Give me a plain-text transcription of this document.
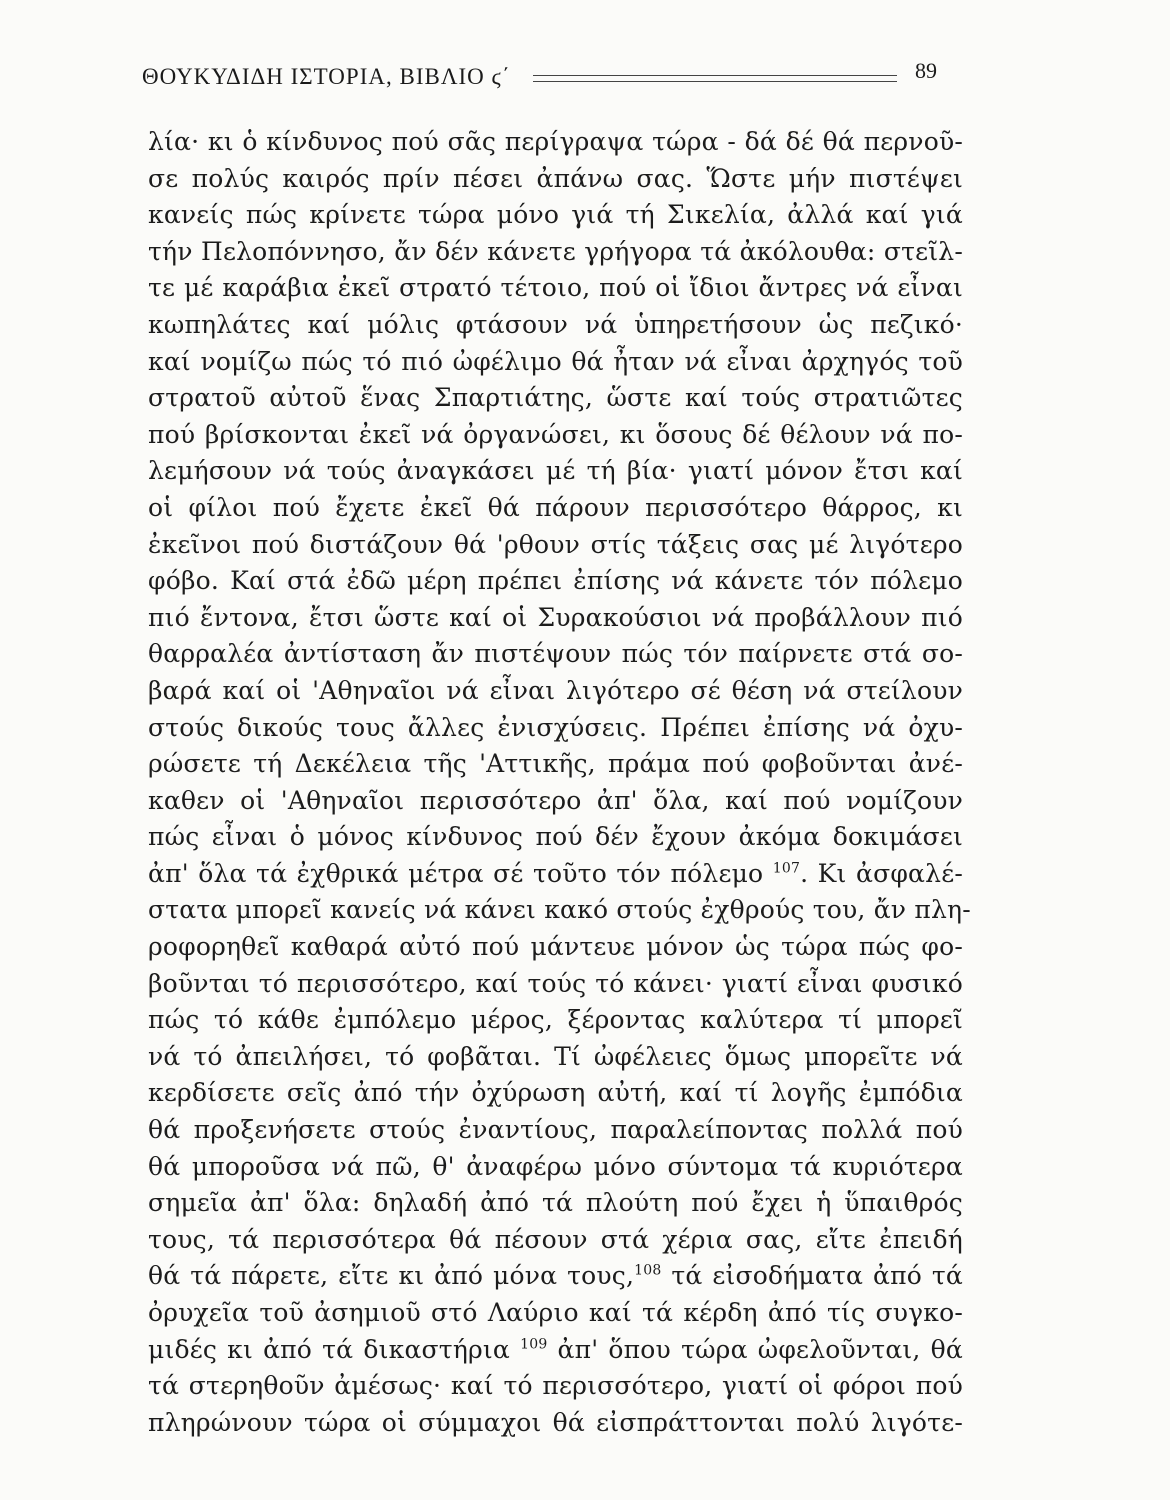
ΘΟΥΚΥΔΙΔΗ ΙΣΤΟΡΙΑ, ΒΙΒΛΙΟ ϛ΄	89
λία· κι ὁ κίνδυνος πού σᾶς περίγραψα τώρα - δά δέ θά περνοῦ-
σε πολύς καιρός πρίν πέσει ἀπάνω σας. Ὥστε μήν πιστέψει
κανείς πώς κρίνετε τώρα μόνο γιά τή Σικελία, ἀλλά καί γιά
τήν Πελοπόννησο, ἄν δέν κάνετε γρήγορα τά ἀκόλουθα: στεῖλ-
τε μέ καράβια ἐκεῖ στρατό τέτοιο, πού οἱ ἴδιοι ἄντρες νά εἶναι
κωπηλάτες καί μόλις φτάσουν νά ὑπηρετήσουν ὡς πεζικό·
καί νομίζω πώς τό πιό ὠφέλιμο θά ἦταν νά εἶναι ἀρχηγός τοῦ
στρατοῦ αὐτοῦ ἕνας Σπαρτιάτης, ὥστε καί τούς στρατιῶτες
πού βρίσκονται ἐκεῖ νά ὀργανώσει, κι ὅσους δέ θέλουν νά πο-
λεμήσουν νά τούς ἀναγκάσει μέ τή βία· γιατί μόνον ἔτσι καί
οἱ φίλοι πού ἔχετε ἐκεῖ θά πάρουν περισσότερο θάρρος, κι
ἐκεῖνοι πού διστάζουν θά 'ρθουν στίς τάξεις σας μέ λιγότερο
φόβο. Καί στά ἐδῶ μέρη πρέπει ἐπίσης νά κάνετε τόν πόλεμο
πιό ἔντονα, ἔτσι ὥστε καί οἱ Συρακούσιοι νά προβάλλουν πιό
θαρραλέα ἀντίσταση ἄν πιστέψουν πώς τόν παίρνετε στά σο-
βαρά καί οἱ 'Αθηναῖοι νά εἶναι λιγότερο σέ θέση νά στείλουν
στούς δικούς τους ἄλλες ἐνισχύσεις. Πρέπει ἐπίσης νά ὀχυ-
ρώσετε τή Δεκέλεια τῆς 'Αττικῆς, πράμα πού φοβοῦνται ἀνέ-
καθεν οἱ 'Αθηναῖοι περισσότερο ἀπ' ὅλα, καί πού νομίζουν
πώς εἶναι ὁ μόνος κίνδυνος πού δέν ἔχουν ἀκόμα δοκιμάσει
ἀπ' ὅλα τά ἐχθρικά μέτρα σέ τοῦτο τόν πόλεμο $^{107}$. Κι ἀσφαλέ-
στατα μπορεῖ κανείς νά κάνει κακό στούς ἐχθρούς του, ἄν πλη-
ροφορηθεῖ καθαρά αὐτό πού μάντευε μόνον ὡς τώρα πώς φο-
βοῦνται τό περισσότερο, καί τούς τό κάνει· γιατί εἶναι φυσικό
πώς τό κάθε ἐμπόλεμο μέρος, ξέροντας καλύτερα τί μπορεῖ
νά τό ἀπειλήσει, τό φοβᾶται. Τί ὠφέλειες ὅμως μπορεῖτε νά
κερδίσετε σεῖς ἀπό τήν ὀχύρωση αὐτή, καί τί λογῆς ἐμπόδια
θά προξενήσετε στούς ἐναντίους, παραλείποντας πολλά πού
θά μποροῦσα νά πῶ, θ' ἀναφέρω μόνο σύντομα τά κυριότερα
σημεῖα ἀπ' ὅλα: δηλαδή ἀπό τά πλούτη πού ἔχει ἡ ὕπαιθρός
τους, τά περισσότερα θά πέσουν στά χέρια σας, εἴτε ἐπειδή
θά τά πάρετε, εἴτε κι ἀπό μόνα τους,$^{108}$ τά εἰσοδήματα ἀπό τά
ὀρυχεῖα τοῦ ἀσημιοῦ στό Λαύριο καί τά κέρδη ἀπό τίς συγκο-
μιδές κι ἀπό τά δικαστήρια $^{109}$ ἀπ' ὅπου τώρα ὠφελοῦνται, θά
τά στερηθοῦν ἀμέσως· καί τό περισσότερο, γιατί οἱ φόροι πού
πληρώνουν τώρα οἱ σύμμαχοι θά εἰσπράττονται πολύ λιγότε-
